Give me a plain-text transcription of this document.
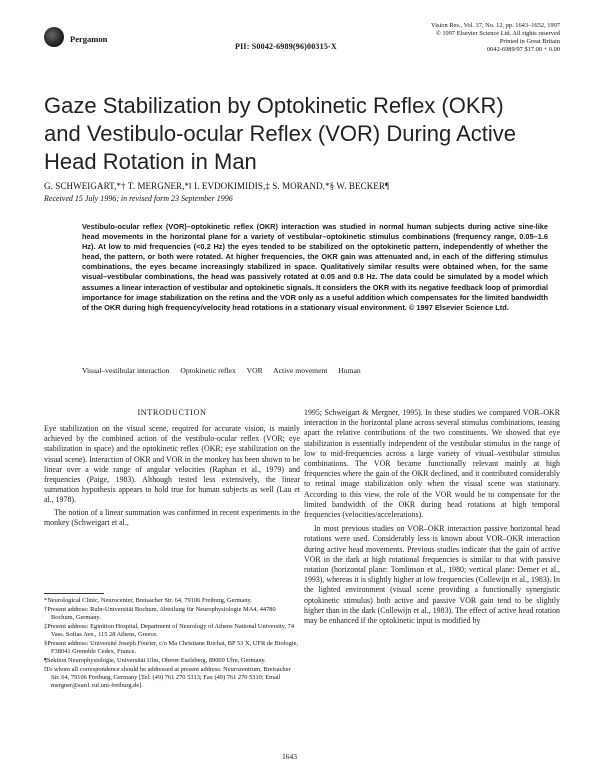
Pergamon
PII: S0042-6989(96)00315-X
Vision Res., Vol. 37, No. 12, pp. 1643–1652, 1997
© 1997 Elsevier Science Ltd. All rights reserved
Printed in Great Britain
0042-6989/97 $17.00 + 0.00
Gaze Stabilization by Optokinetic Reflex (OKR)
and Vestibulo-ocular Reflex (VOR) During Active
Head Rotation in Man
G. SCHWEIGART,*† T. MERGNER,*‖ I. EVDOKIMIDIS,‡ S. MORAND,*§ W. BECKER¶
Received 15 July 1996; in revised form 23 September 1996
Vestibulo-ocular reflex (VOR)–optokinetic reflex (OKR) interaction was studied in normal human subjects during active sine-like head movements in the horizontal plane for a variety of vestibular–optokinetic stimulus combinations (frequency range, 0.05–1.6 Hz). At low to mid frequencies (<0.2 Hz) the eyes tended to be stabilized on the optokinetic pattern, independently of whether the head, the pattern, or both were rotated. At higher frequencies, the OKR gain was attenuated and, in each of the differing stimulus combinations, the eyes became increasingly stabilized in space. Qualitatively similar results were obtained when, for the same visual–vestibular combinations, the head was passively rotated at 0.05 and 0.8 Hz. The data could be simulated by a model which assumes a linear interaction of vestibular and optokinetic signals. It considers the OKR with its negative feedback loop of primordial importance for image stabilization on the retina and the VOR only as a useful addition which compensates for the limited bandwidth of the OKR during high frequency/velocity head rotations in a stationary visual environment. © 1997 Elsevier Science Ltd.
Visual–vestibular interaction Optokinetic reflex VOR Active movement Human
INTRODUCTION

Eye stabilization on the visual scene, required for accurate vision, is mainly achieved by the combined action of the vestibulo-ocular reflex (VOR; eye stabilization in space) and the optokinetic reflex (OKR; eye stabilization on the visual scene). Interaction of OKR and VOR in the monkey has been shown to be linear over a wide range of angular velocities (Raphan et al., 1979) and frequencies (Paige, 1983). Although tested less extensively, the linear summation hypothesis appears to hold true for human subjects as well (Lau et al., 1978).

The notion of a linear summation was confirmed in recent experiments in the monkey (Schweigart et al.,

*Neurological Clinic, Neurocenter, Breisacher Str. 64, 79106 Freiburg, Germany.
†Present address: Ruhr-Universität Bochum, Abteilung für Neurophysiologie MA4, 44780 Bochum, Germany.
‡Present address: Eginition Hospital, Department of Neurology of Athens National University, 74 Vass. Sofias Ave., 115 28 Athens, Greece.
§Present address: Université Joseph Fourier, c/o Ma Christiane Rochat, BP 53 X, UFR de Biologie, F38041 Grenoble Cedex, France.
¶Sektion Neurophysiologie, Universität Ulm, Oberer Eselsberg, 89069 Ulm, Germany.
‖To whom all correspondence should be addressed at present address: Neurozentrum, Breisacher Str. 64, 79106 Freiburg, Germany [Tel: (49) 761 270 5313; Fax (49) 761 270 5310; Email mergner@sun1.ruf.uni-freiburg.de].

1995; Schweigart & Mergner, 1995). In these studies we compared VOR–OKR interaction in the horizontal plane across several stimulus combinations, teasing apart the relative contributions of the two constituents. We showed that eye stabilization is essentially independent of the vestibular stimulus in the range of low to mid-frequencies across a large variety of visual–vestibular stimulus combinations. The VOR became functionally relevant mainly at high frequencies where the gain of the OKR declined, and it contributed considerably to retinal image stabilization only when the visual scene was stationary. According to this view, the role of the VOR would be to compensate for the limited bandwidth of the OKR during head rotations at high temporal frequencies (velocities/accelerations).

In most previous studies on VOR–OKR interaction passive horizontal head rotations were used. Considerably less is known about VOR–OKR interaction during active head movements. Previous studies indicate that the gain of active VOR in the dark at high rotational frequencies is similar to that with passive rotation (horizontal plane: Tomlinson et al., 1980; vertical plane: Demer et al., 1993), whereas it is slightly higher at low frequencies (Collewijn et al., 1983). In the lighted environment (visual scene providing a functionally synergistic optokinetic stimulus) both active and passive VOR gain tend to be slightly higher than in the dark (Collewijn et al., 1983). The effect of active head rotation may be enhanced if the optokinetic input is modified by

1643
